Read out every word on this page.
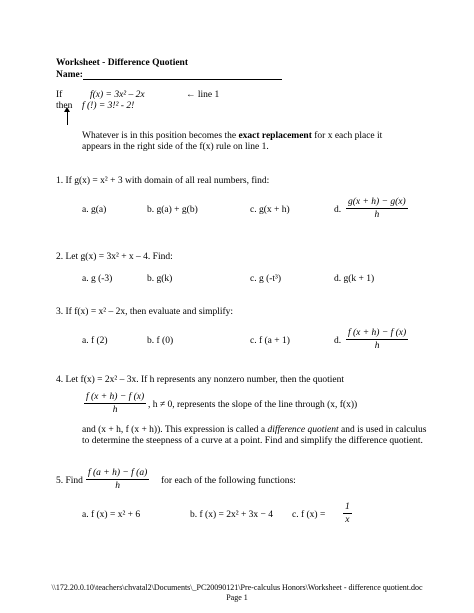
Worksheet - Difference Quotient
Name:
If	f(x) = 3x² – 2x	← line 1
then f (!) = 3!² - 2!
Whatever is in this position becomes the exact replacement for x each place it
appears in the right side of the f(x) rule on line 1.
1. If g(x) = x² + 3 with domain of all real numbers, find:
a. g(a)	b. g(a) + g(b)	c. g(x + h)	d. $\frac{g(x + h) - g(x)}{h}$
2. Let g(x) = 3x² + x – 4. Find:
a. g (-3)	b. g(k)	c. g (-t³)	d. g(k + 1)
3. If f(x) = x² – 2x, then evaluate and simplify:
a. f (2)	b. f (0)	c. f (a + 1)	d. $\frac{f (x + h) - f (x)}{h}$
4. Let f(x) = 2x² – 3x. If h represents any nonzero number, then the quotient
$\frac{f (x + h) - f (x)}{h}$ , h ≠ 0, represents the slope of the line through (x, f(x))
and (x + h, f (x + h)). This expression is called a difference quotient and is used in calculus
to determine the steepness of a curve at a point. Find and simplify the difference quotient.
5. Find $\frac{f (a + h) - f (a)}{h}$ for each of the following functions:
a. f (x) = x² + 6	b. f (x) = 2x² + 3x − 4 c. f $(x) = \frac{1}{x}$
\\172.20.0.10\teachers\chvatal2\Documents\_PC20090121\Pre-calculus Honors\Worksheet - difference quotient.doc
Page 1
